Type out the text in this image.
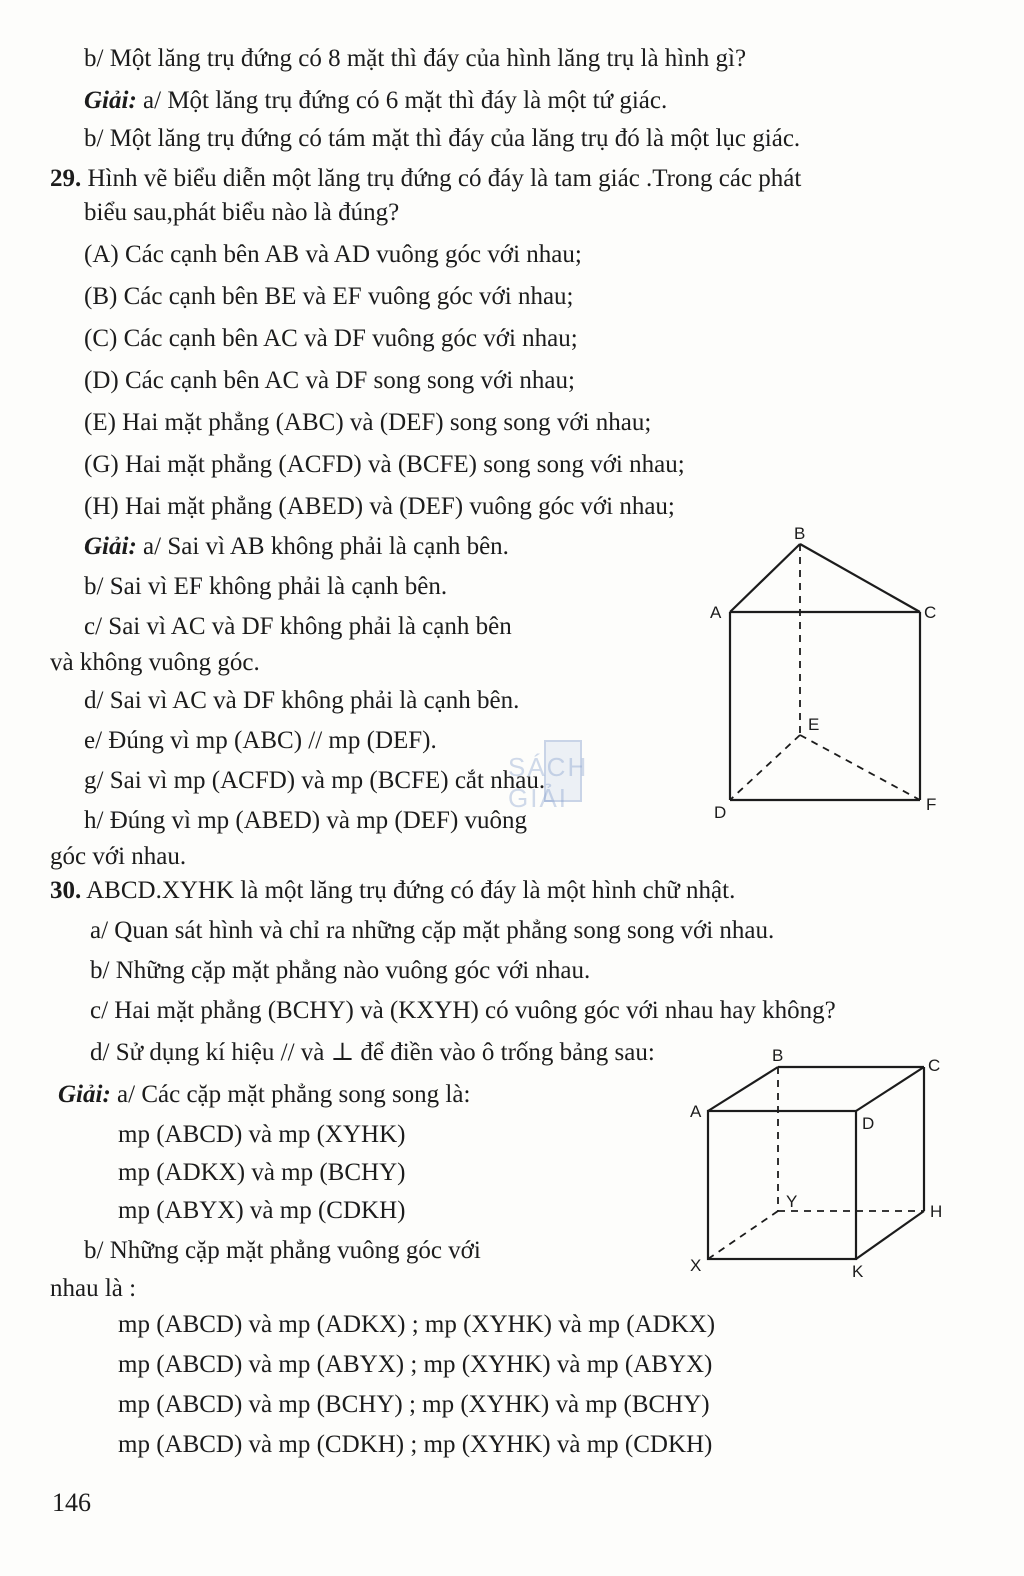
b/ Một lăng trụ đứng có 8 mặt thì đáy của hình lăng trụ là hình gì?
Giải: a/ Một lăng trụ đứng có 6 mặt thì đáy là một tứ giác.
b/ Một lăng trụ đứng có tám mặt thì đáy của lăng trụ đó là một lục giác.
29. Hình vẽ biểu diễn một lăng trụ đứng có đáy là tam giác .Trong các phát
biểu sau,phát biểu nào là đúng?
(A) Các cạnh bên AB và AD vuông góc với nhau;
(B) Các cạnh bên BE và EF vuông góc với nhau;
(C) Các cạnh bên AC và DF vuông góc với nhau;
(D) Các cạnh bên AC và DF song song với nhau;
(E) Hai mặt phẳng (ABC) và (DEF) song song với nhau;
(G) Hai mặt phẳng (ACFD) và (BCFE) song song với nhau;
(H) Hai mặt phẳng (ABED) và (DEF) vuông góc với nhau;
Giải: a/ Sai vì AB không phải là cạnh bên.
b/ Sai vì EF không phải là cạnh bên.
c/ Sai vì AC và DF không phải là cạnh bên
và không vuông góc.
d/ Sai vì AC và DF không phải là cạnh bên.
e/ Đúng vì mp (ABC) // mp (DEF).
g/ Sai vì mp (ACFD) và mp (BCFE) cắt nhau.
h/ Đúng vì mp (ABED) và mp (DEF) vuông
góc với nhau.
B
A	C
E
D	F
SÁCH GIẢI
30. ABCD.XYHK là một lăng trụ đứng có đáy là một hình chữ nhật.
a/ Quan sát hình và chỉ ra những cặp mặt phẳng song song với nhau.
b/ Những cặp mặt phẳng nào vuông góc với nhau.
c/ Hai mặt phẳng (BCHY) và (KXYH) có vuông góc với nhau hay không?
d/ Sử dụng kí hiệu // và ⊥ để điền vào ô trống bảng sau:
Giải: a/ Các cặp mặt phẳng song song là:
mp (ABCD) và mp (XYHK)
mp (ADKX) và mp (BCHY)
mp (ABYX) và mp (CDKH)
b/ Những cặp mặt phẳng vuông góc với
nhau là :
mp (ABCD) và mp (ADKX) ; mp (XYHK) và mp (ADKX)
mp (ABCD) và mp (ABYX) ; mp (XYHK) và mp (ABYX)
mp (ABCD) và mp (BCHY) ; mp (XYHK) và mp (BCHY)
mp (ABCD) và mp (CDKH) ; mp (XYHK) và mp (CDKH)
B
C
A
D
Y
H
X	K
146
